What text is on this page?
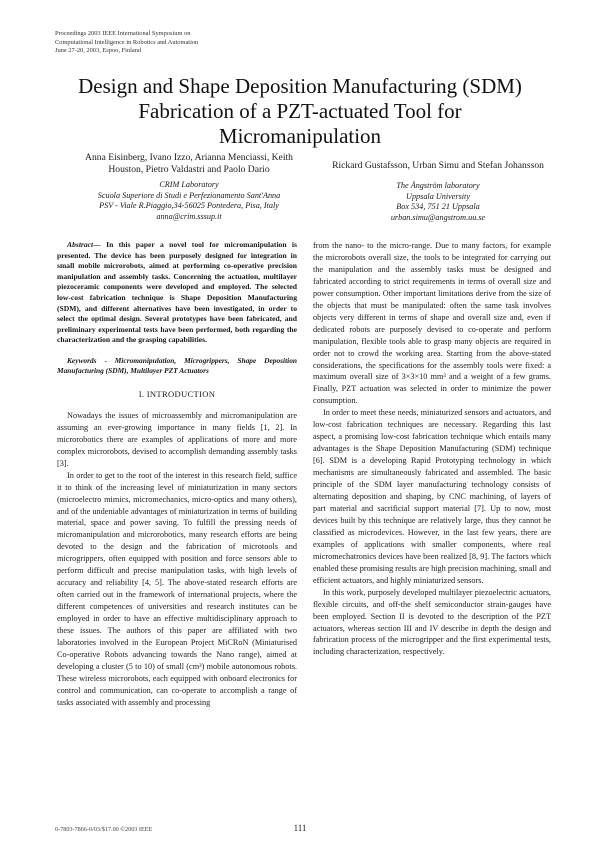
Proceedings 2003 IEEE International Symposium on
Computational Intelligence in Robotics and Automation
June 27-20, 2003, Espoo, Finland
Design and Shape Deposition Manufacturing (SDM)
Fabrication of a PZT-actuated Tool for
Micromanipulation
Anna Eisinberg, Ivano Izzo, Arianna Menciassi, Keith
Houston, Pietro Valdastri and Paolo Dario
CRIM Laboratory
Scuola Superiore di Studi e Perfezionamento Sant'Anna
PSV - Viale R.Piaggio,34-56025 Pontedera, Pisa, Italy
anna@crim.sssup.it
Rickard Gustafsson, Urban Simu and Stefan Johansson
The Ångström laboratory
Uppsala University
Box 534, 751 21 Uppsala
urban.simu@angstrom.uu.se

Abstract— In this paper a novel tool for micromanipulation is presented. The device has been purposely designed for integration in small mobile microrobots, aimed at performing co-operative precision manipulation and assembly tasks. Concerning the actuation, multilayer piezoceramic components were developed and employed. The selected low-cost fabrication technique is Shape Deposition Manufacturing (SDM), and different alternatives have been investigated, in order to select the optimal design. Several prototypes have been fabricated, and preliminary experimental tests have been performed, both regarding the characterization and the grasping capabilities.

Keywords - Micromanipulation, Microgrippers, Shape Deposition Manufacturing (SDM), Multilayer PZT Actuators

I. INTRODUCTION

Nowadays the issues of microassembly and micromanipulation are assuming an ever-growing importance in many fields [1, 2]. In microrobotics there are examples of applications of more and more complex microrobots, devised to accomplish demanding assembly tasks [3].

In order to get to the root of the interest in this research field, suffice it to think of the increasing level of miniaturization in many sectors (microelectro mimics, micromechanics, micro-optics and many others), and of the undeniable advantages of miniaturization in terms of building material, space and power saving. To fulfill the pressing needs of micromanipulation and microrobotics, many research efforts are being devoted to the design and the fabrication of microtools and microgrippers, often equipped with position and force sensors able to perform difficult and precise manipulation tasks, with high levels of accuracy and reliability [4, 5]. The above-stated research efforts are often carried out in the framework of international projects, where the different competences of universities and research institutes can be employed in order to have an effective multidisciplinary approach to these issues. The authors of this paper are affiliated with two laboratories involved in the European Project MiCRoN (Miniaturised Co-operative Robots advancing towards the Nano range), aimed at developing a cluster (5 to 10) of small (cm³) mobile autonomous robots. These wireless microrobots, each equipped with onboard electronics for control and communication, can co-operate to accomplish a range of tasks associated with assembly and processing

from the nano- to the micro-range. Due to many factors, for example the microrobots overall size, the tools to be integrated for carrying out the manipulation and the assembly tasks must be designed and fabricated according to strict requirements in terms of overall size and power consumption. Other important limitations derive from the size of the objects that must be manipulated: often the same task involves objects very different in terms of shape and overall size and, even if dedicated robots are purposely devised to co-operate and perform manipulation, flexible tools able to grasp many objects are required in order not to crowd the working area. Starting from the above-stated considerations, the specifications for the assembly tools were fixed: a maximum overall size of 3×3×10 mm³ and a weight of a few grams. Finally, PZT actuation was selected in order to minimize the power consumption.

In order to meet these needs, miniaturized sensors and actuators, and low-cost fabrication techniques are necessary. Regarding this last aspect, a promising low-cost fabrication technique which entails many advantages is the Shape Deposition Manufacturing (SDM) technique [6]. SDM is a developing Rapid Prototyping technology in which mechanisms are simultaneously fabricated and assembled. The basic principle of the SDM layer manufacturing technology consists of alternating deposition and shaping, by CNC machining, of layers of part material and sacrificial support material [7]. Up to now, most devices built by this technique are relatively large, thus they cannot be classified as microdevices. However, in the last few years, there are examples of applications with smaller components, where real micromechatronics devices have been realized [8, 9]. The factors which enabled these promising results are high precision machining, small and efficient actuators, and highly miniaturized sensors.

In this work, purposely developed multilayer piezoelectric actuators, flexible circuits, and off-the shelf semiconductor strain-gauges have been employed. Section II is devoted to the description of the PZT actuators, whereas section III and IV describe in depth the design and fabrication process of the microgripper and the first experimental tests, including characterization, respectively.

0-7803-7866-0/03/$17.00 ©2003 IEEE	111
